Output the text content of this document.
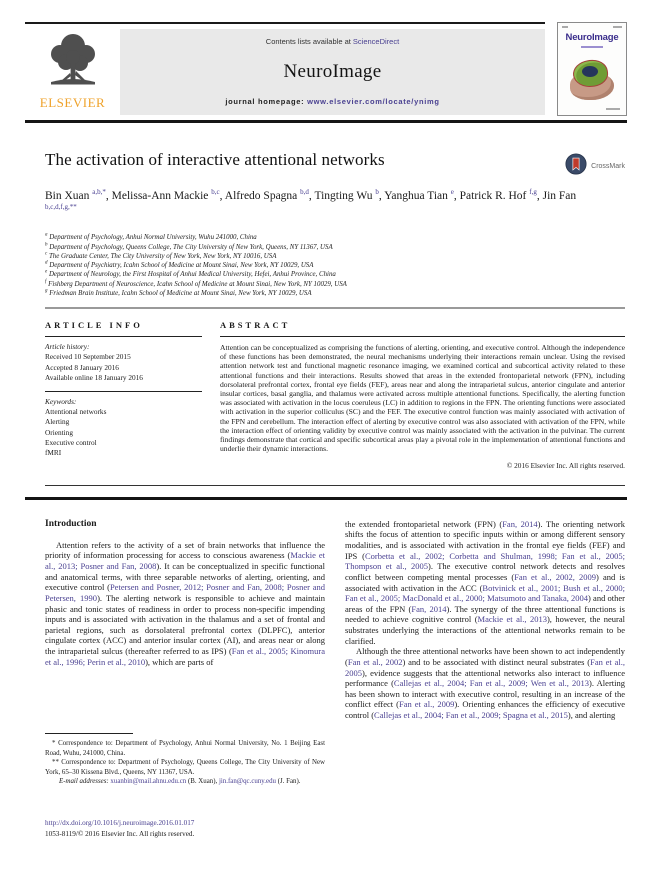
ELSEVIER
Contents lists available at ScienceDirect
NeuroImage
journal homepage: www.elsevier.com/locate/ynimg
NeuroImage
The activation of interactive attentional networks	CrossMark
Bin Xuan $^{a,b,*}$, Melissa-Ann Mackie $^{b,c}$, Alfredo Spagna $^{b,d}$, Tingting Wu $^b$, Yanghua Tian $^e$, Patrick R. Hof $^{f,g}$, Jin Fan $^{b,c,d,f,g,**}$
$^a$ Department of Psychology, Anhui Normal University, Wuhu 241000, China
$^b$ Department of Psychology, Queens College, The City University of New York, Queens, NY 11367, USA
$^c$ The Graduate Center, The City University of New York, New York, NY 10016, USA
$^d$ Department of Psychiatry, Icahn School of Medicine at Mount Sinai, New York, NY 10029, USA
$^e$ Department of Neurology, the First Hospital of Anhui Medical University, Hefei, Anhui Province, China
$^f$ Fishberg Department of Neuroscience, Icahn School of Medicine at Mount Sinai, New York, NY 10029, USA
$^g$ Friedman Brain Institute, Icahn School of Medicine at Mount Sinai, New York, NY 10029, USA
ARTICLE INFO
Article history:
Received 10 September 2015
Accepted 8 January 2016
Available online 18 January 2016
Keywords:
Attentional networks
Alerting
Orienting
Executive control
fMRI
ABSTRACT
Attention can be conceptualized as comprising the functions of alerting, orienting, and executive control. Although the independence of these functions has been demonstrated, the neural mechanisms underlying their interactions remain unclear. Using the revised attention network test and functional magnetic resonance imaging, we examined cortical and subcortical activity related to these attentional functions and their interactions. Results showed that areas in the extended frontoparietal network (FPN), including dorsolateral prefrontal cortex, frontal eye fields (FEF), areas near and along the intraparietal sulcus, anterior cingulate and anterior insular cortices, basal ganglia, and thalamus were activated across multiple attentional functions. Specifically, the alerting function was associated with activation in the locus coeruleus (LC) in addition to regions in the FPN. The orienting functions were associated with activation in the superior colliculus (SC) and the FEF. The executive control function was mainly associated with activation of the FPN and cerebellum. The interaction effect of alerting by executive control was also associated with activation of the FPN, while the interaction effect of orienting validity by executive control was mainly associated with the activation in the pulvinar. The current findings demonstrate that cortical and specific subcortical areas play a pivotal role in the implementation of attentional functions and underlie their dynamic interactions.
© 2016 Elsevier Inc. All rights reserved.
Introduction

Attention refers to the activity of a set of brain networks that influence the priority of information processing for access to conscious awareness (Mackie et al., 2013; Posner and Fan, 2008). It can be conceptualized in specific functional and anatomical terms, with three separable networks of alerting, orienting, and executive control (Petersen and Posner, 2012; Posner and Fan, 2008; Posner and Petersen, 1990). The alerting network is responsible to achieve and maintain phasic and tonic states of readiness in order to process non-specific impending inputs and is associated with activation in the thalamus and a set of frontal and parietal regions, such as dorsolateral prefrontal cortex (DLPFC), anterior cingulate cortex (ACC) and anterior insular cortex (AI), and areas near or along the intraparietal sulcus (thereafter referred to as IPS) (Fan et al., 2005; Kinomura et al., 1996; Perin et al., 2010), which are parts of

* Correspondence to: Department of Psychology, Anhui Normal University, No. 1 Beijing East Road, Wuhu, 241000, China.

** Correspondence to: Department of Psychology, Queens College, The City University of New York, 65–30 Kissena Blvd., Queens, NY 11367, USA.

E-mail addresses: xuanbin@mail.ahnu.edu.cn (B. Xuan), jin.fan@qc.cuny.edu (J. Fan).

the extended frontoparietal network (FPN) (Fan, 2014). The orienting network shifts the focus of attention to specific inputs within or among different sensory modalities, and is associated with activation in the frontal eye fields (FEF) and IPS (Corbetta et al., 2002; Corbetta and Shulman, 1998; Fan et al., 2005; Thompson et al., 2005). The executive control network detects and resolves conflict between competing mental processes (Fan et al., 2002, 2009) and is associated with activation in the ACC (Botvinick et al., 2001; Bush et al., 2000; Fan et al., 2005; MacDonald et al., 2000; Matsumoto and Tanaka, 2004) and other areas of the FPN (Fan, 2014). The synergy of the three attentional functions is needed to achieve cognitive control (Mackie et al., 2013), however, the neural substrates underlying the interactions of the attentional networks remain to be clarified.

Although the three attentional networks have been shown to act independently (Fan et al., 2002) and to be associated with distinct neural substrates (Fan et al., 2005), evidence suggests that the attentional networks also interact to influence performance (Callejas et al., 2004; Fan et al., 2009; Wen et al., 2013). Alerting has been shown to interact with executive control, resulting in an increase of the conflict effect (Fan et al., 2009). Orienting enhances the efficiency of executive control (Callejas et al., 2004; Fan et al., 2009; Spagna et al., 2015), and alerting

http://dx.doi.org/10.1016/j.neuroimage.2016.01.017
1053-8119/© 2016 Elsevier Inc. All rights reserved.
